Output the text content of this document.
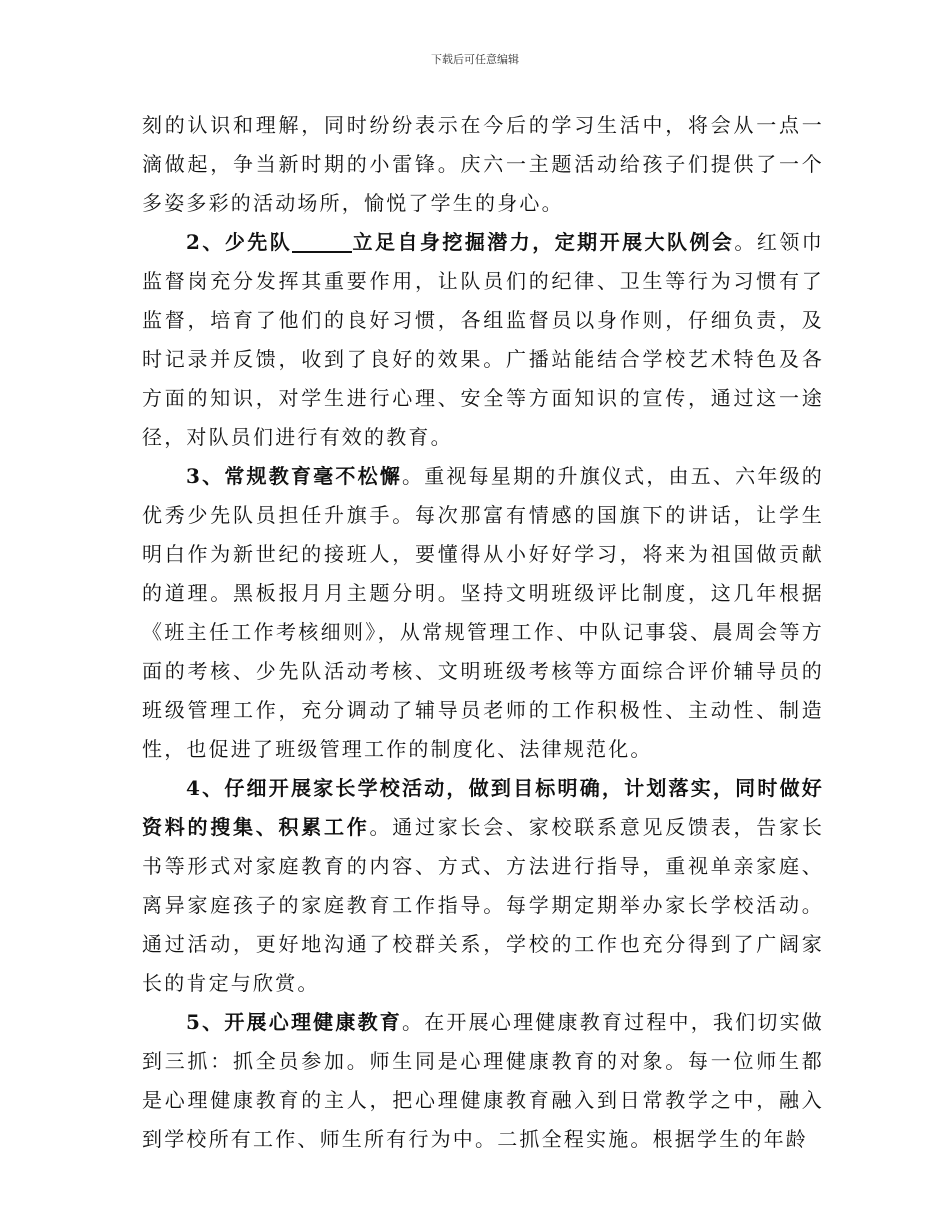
下载后可任意编辑

刻的认识和理解，同时纷纷表示在今后的学习生活中，将会从一点一滴做起，争当新时期的小雷锋。庆六一主题活动给孩子们提供了一个多姿多彩的活动场所，愉悦了学生的身心。

2、少先队	立足自身挖掘潜力，定期开展大队例会。红领巾监督岗充分发挥其重要作用，让队员们的纪律、卫生等行为习惯有了监督，培育了他们的良好习惯，各组监督员以身作则，仔细负责，及时记录并反馈，收到了良好的效果。广播站能结合学校艺术特色及各方面的知识，对学生进行心理、安全等方面知识的宣传，通过这一途径，对队员们进行有效的教育。

3、常规教育毫不松懈。重视每星期的升旗仪式，由五、六年级的优秀少先队员担任升旗手。每次那富有情感的国旗下的讲话，让学生明白作为新世纪的接班人，要懂得从小好好学习，将来为祖国做贡献的道理。黑板报月月主题分明。坚持文明班级评比制度，这几年根据《班主任工作考核细则》，从常规管理工作、中队记事袋、晨周会等方面的考核、少先队活动考核、文明班级考核等方面综合评价辅导员的班级管理工作，充分调动了辅导员老师的工作积极性、主动性、制造性，也促进了班级管理工作的制度化、法律规范化。

4、仔细开展家长学校活动，做到目标明确，计划落实，同时做好资料的搜集、积累工作。通过家长会、家校联系意见反馈表，告家长书等形式对家庭教育的内容、方式、方法进行指导，重视单亲家庭、离异家庭孩子的家庭教育工作指导。每学期定期举办家长学校活动。通过活动，更好地沟通了校群关系，学校的工作也充分得到了广阔家长的肯定与欣赏。

5、开展心理健康教育。在开展心理健康教育过程中，我们切实做到三抓：抓全员参加。师生同是心理健康教育的对象。每一位师生都是心理健康教育的主人，把心理健康教育融入到日常教学之中，融入到学校所有工作、师生所有行为中。二抓全程实施。根据学生的年龄
